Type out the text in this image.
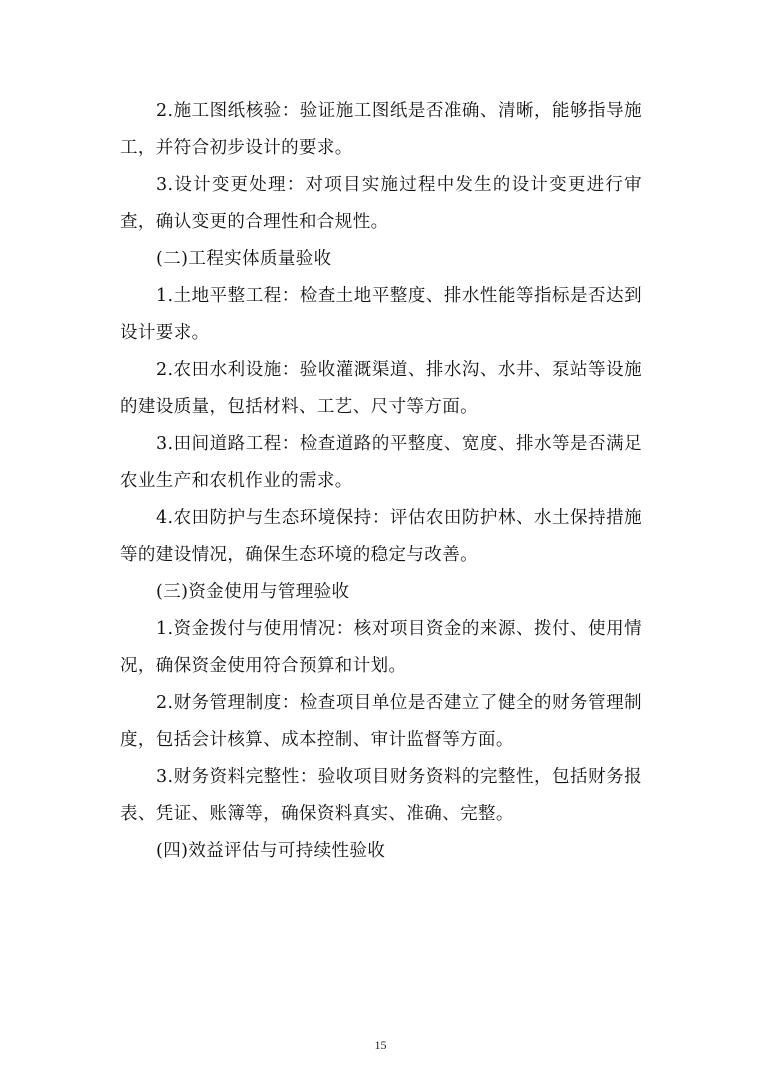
2.施工图纸核验：验证施工图纸是否准确、清晰，能够指导施工，并符合初步设计的要求。

3.设计变更处理：对项目实施过程中发生的设计变更进行审查，确认变更的合理性和合规性。

(二)工程实体质量验收

1.土地平整工程：检查土地平整度、排水性能等指标是否达到设计要求。

2.农田水利设施：验收灌溉渠道、排水沟、水井、泵站等设施的建设质量，包括材料、工艺、尺寸等方面。

3.田间道路工程：检查道路的平整度、宽度、排水等是否满足农业生产和农机作业的需求。

4.农田防护与生态环境保持：评估农田防护林、水土保持措施等的建设情况，确保生态环境的稳定与改善。

(三)资金使用与管理验收

1.资金拨付与使用情况：核对项目资金的来源、拨付、使用情况，确保资金使用符合预算和计划。

2.财务管理制度：检查项目单位是否建立了健全的财务管理制度，包括会计核算、成本控制、审计监督等方面。

3.财务资料完整性：验收项目财务资料的完整性，包括财务报表、凭证、账簿等，确保资料真实、准确、完整。

(四)效益评估与可持续性验收

15
